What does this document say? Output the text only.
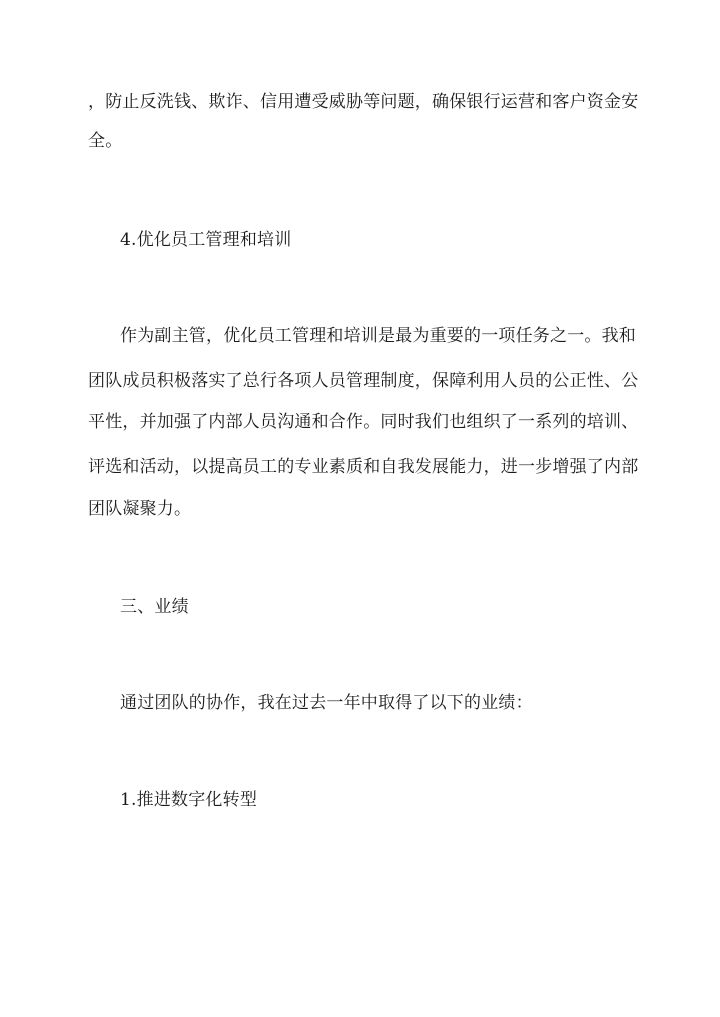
，防止反洗钱、欺诈、信用遭受威胁等问题，确保银行运营和客户资金安
全。
4.优化员工管理和培训
作为副主管，优化员工管理和培训是最为重要的一项任务之一。我和
团队成员积极落实了总行各项人员管理制度，保障利用人员的公正性、公
平性，并加强了内部人员沟通和合作。同时我们也组织了一系列的培训、
评选和活动，以提高员工的专业素质和自我发展能力，进一步增强了内部
团队凝聚力。
三、业绩
通过团队的协作，我在过去一年中取得了以下的业绩：
1.推进数字化转型
